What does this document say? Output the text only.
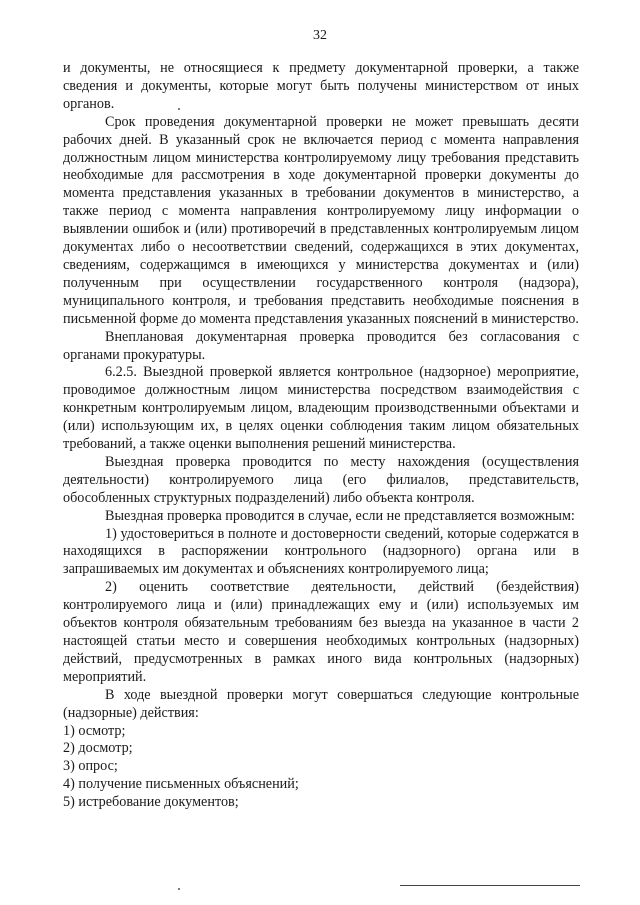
32

и документы, не относящиеся к предмету документарной проверки, а также сведения и документы, которые могут быть получены министерством от иных органов.

Срок проведения документарной проверки не может превышать десяти рабочих дней. В указанный срок не включается период с момента направления должностным лицом министерства контролируемому лицу требования представить необходимые для рассмотрения в ходе документарной проверки документы до момента представления указанных в требовании документов в министерство, а также период с момента направления контролируемому лицу информации о выявлении ошибок и (или) противоречий в представленных контролируемым лицом документах либо о несоответствии сведений, содержащихся в этих документах, сведениям, содержащимся в имеющихся у министерства документах и (или) полученным при осуществлении государственного контроля (надзора), муниципального контроля, и требования представить необходимые пояснения в письменной форме до момента представления указанных пояснений в министерство.

Внеплановая документарная проверка проводится без согласования с органами прокуратуры.

6.2.5. Выездной проверкой является контрольное (надзорное) мероприятие, проводимое должностным лицом министерства посредством взаимодействия с конкретным контролируемым лицом, владеющим производственными объектами и (или) использующим их, в целях оценки соблюдения таким лицом обязательных требований, а также оценки выполнения решений министерства.

Выездная проверка проводится по месту нахождения (осуществления деятельности) контролируемого лица (его филиалов, представительств, обособленных структурных подразделений) либо объекта контроля.

Выездная проверка проводится в случае, если не представляется возможным:

1) удостовериться в полноте и достоверности сведений, которые содержатся в находящихся в распоряжении контрольного (надзорного) органа или в запрашиваемых им документах и объяснениях контролируемого лица;

2) оценить соответствие деятельности, действий (бездействия) контролируемого лица и (или) принадлежащих ему и (или) используемых им объектов контроля обязательным требованиям без выезда на указанное в части 2 настоящей статьи место и совершения необходимых контрольных (надзорных) действий, предусмотренных в рамках иного вида контрольных (надзорных) мероприятий.

В ходе выездной проверки могут совершаться следующие контрольные (надзорные) действия:

1) осмотр;

2) досмотр;

3) опрос;

4) получение письменных объяснений;

5) истребование документов;
